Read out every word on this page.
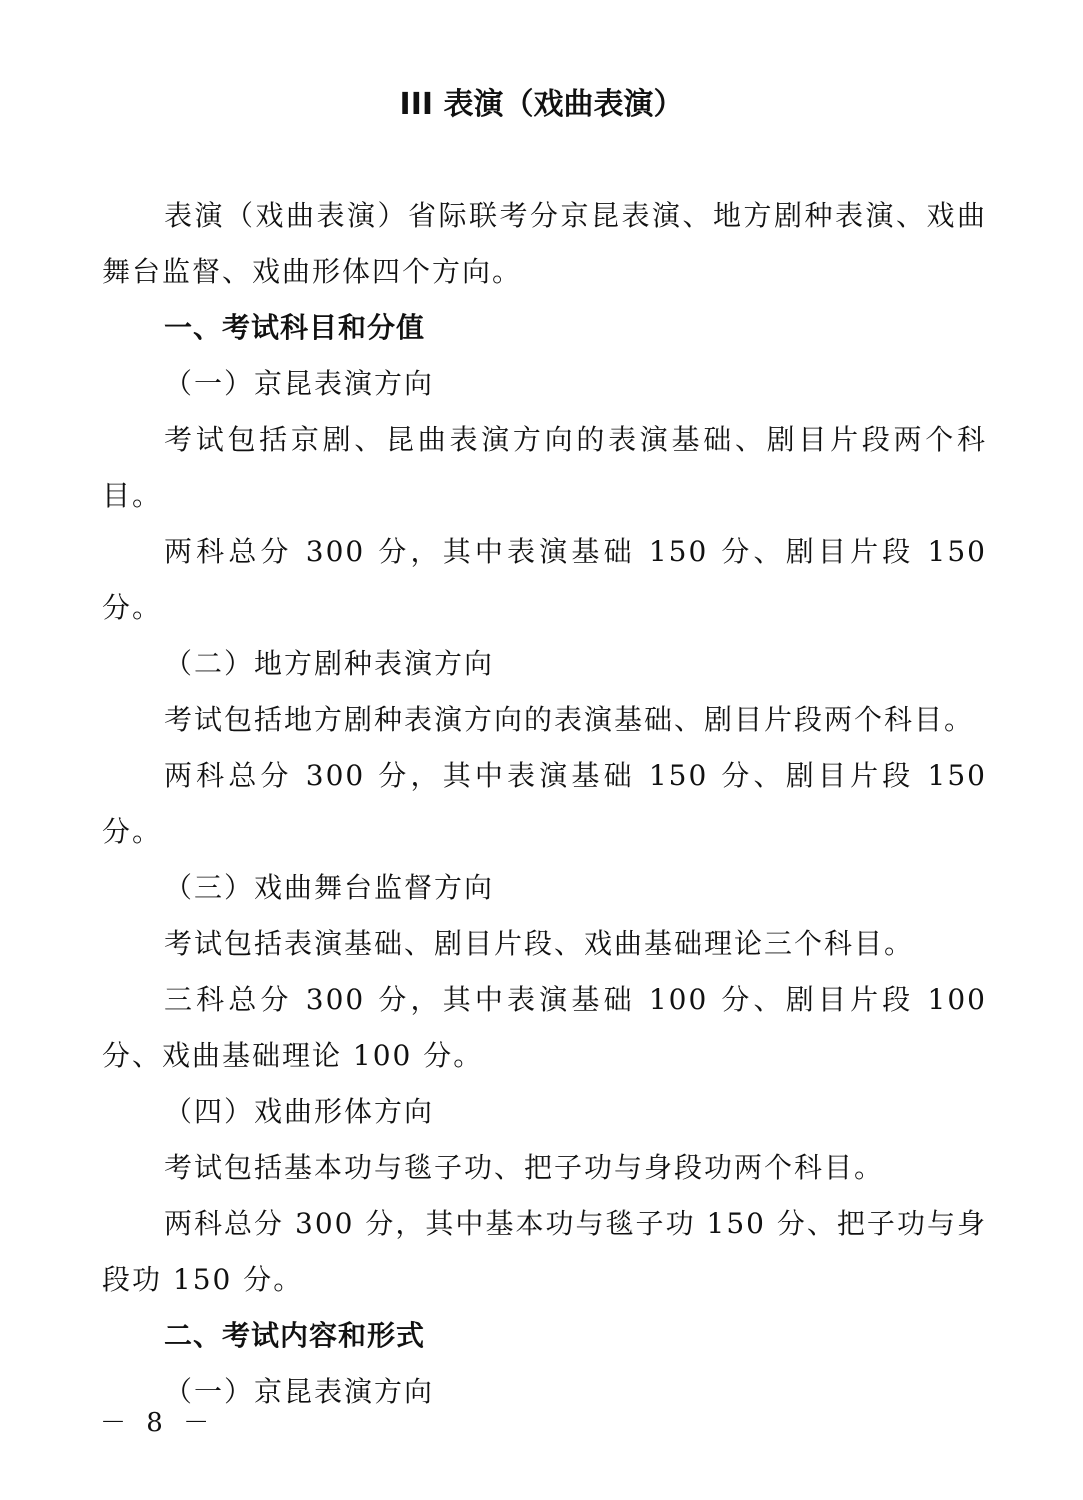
III 表演（戏曲表演）

表演（戏曲表演）省际联考分京昆表演、地方剧种表演、戏曲舞台监督、戏曲形体四个方向。

一、考试科目和分值

（一）京昆表演方向

考试包括京剧、昆曲表演方向的表演基础、剧目片段两个科目。

两科总分 300 分，其中表演基础 150 分、剧目片段 150 分。

（二）地方剧种表演方向

考试包括地方剧种表演方向的表演基础、剧目片段两个科目。

两科总分 300 分，其中表演基础 150 分、剧目片段 150 分。

（三）戏曲舞台监督方向

考试包括表演基础、剧目片段、戏曲基础理论三个科目。

三科总分 300 分，其中表演基础 100 分、剧目片段 100 分、戏曲基础理论 100 分。

（四）戏曲形体方向

考试包括基本功与毯子功、把子功与身段功两个科目。

两科总分 300 分，其中基本功与毯子功 150 分、把子功与身段功 150 分。

二、考试内容和形式

（一）京昆表演方向

－ 8 －
